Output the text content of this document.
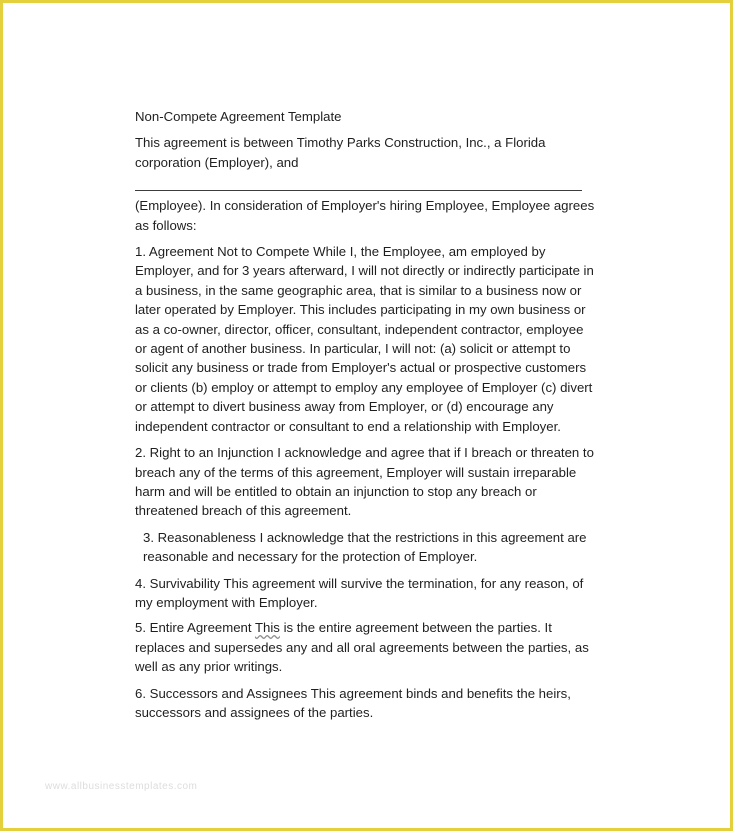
www.allbusinesstemplates.com

Non-Compete Agreement Template

This agreement is between Timothy Parks Construction, Inc., a Florida corporation (Employer), and

(Employee). In consideration of Employer's hiring Employee, Employee agrees as follows:

1. Agreement Not to Compete While I, the Employee, am employed by Employer, and for 3 years afterward, I will not directly or indirectly participate in a business, in the same geographic area, that is similar to a business now or later operated by Employer. This includes participating in my own business or as a co-owner, director, officer, consultant, independent contractor, employee or agent of another business. In particular, I will not: (a) solicit or attempt to solicit any business or trade from Employer's actual or prospective customers or clients (b) employ or attempt to employ any employee of Employer (c) divert or attempt to divert business away from Employer, or (d) encourage any independent contractor or consultant to end a relationship with Employer.

2. Right to an Injunction I acknowledge and agree that if I breach or threaten to breach any of the terms of this agreement, Employer will sustain irreparable harm and will be entitled to obtain an injunction to stop any breach or threatened breach of this agreement.

3. Reasonableness I acknowledge that the restrictions in this agreement are reasonable and necessary for the protection of Employer.

4. Survivability This agreement will survive the termination, for any reason, of my employment with Employer.

5. Entire Agreement This is the entire agreement between the parties. It replaces and supersedes any and all oral agreements between the parties, as well as any prior writings.

6. Successors and Assignees This agreement binds and benefits the heirs, successors and assignees of the parties.
